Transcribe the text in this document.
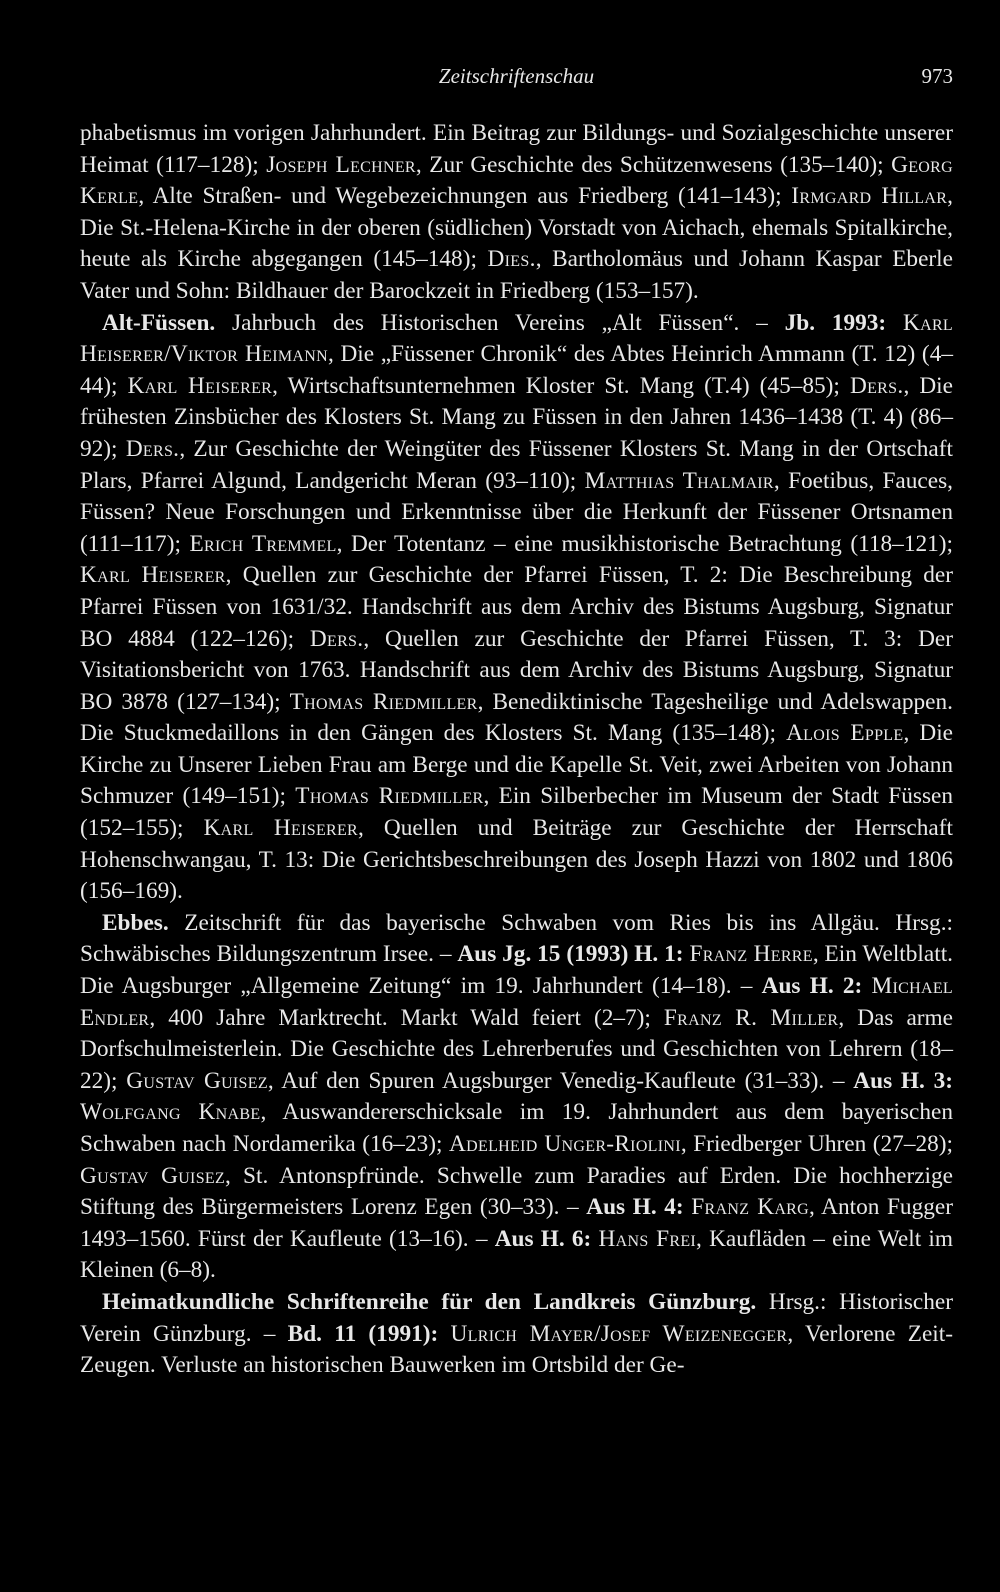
Zeitschriftenschau	973

phabetismus im vorigen Jahrhundert. Ein Beitrag zur Bildungs- und Sozialgeschichte unserer Heimat (117–128); Joseph Lechner, Zur Geschichte des Schützenwesens (135–140); Georg Kerle, Alte Straßen- und Wegebezeichnungen aus Friedberg (141–143); Irmgard Hillar, Die St.-Helena-Kirche in der oberen (südlichen) Vorstadt von Aichach, ehemals Spitalkirche, heute als Kirche abgegangen (145–148); Dies., Bartholomäus und Johann Kaspar Eberle Vater und Sohn: Bildhauer der Barockzeit in Friedberg (153–157).

Alt-Füssen. Jahrbuch des Historischen Vereins „Alt Füssen“. – Jb. 1993: Karl Heiserer/Viktor Heimann, Die „Füssener Chronik“ des Abtes Heinrich Ammann (T. 12) (4–44); Karl Heiserer, Wirtschaftsunternehmen Kloster St. Mang (T.4) (45–85); Ders., Die frühesten Zinsbücher des Klosters St. Mang zu Füssen in den Jahren 1436–1438 (T. 4) (86–92); Ders., Zur Geschichte der Weingüter des Füssener Klosters St. Mang in der Ortschaft Plars, Pfarrei Algund, Landgericht Meran (93–110); Matthias Thalmair, Foetibus, Fauces, Füssen? Neue Forschungen und Erkenntnisse über die Herkunft der Füssener Ortsnamen (111–117); Erich Tremmel, Der Totentanz – eine musikhistorische Betrachtung (118–121); Karl Heiserer, Quellen zur Geschichte der Pfarrei Füssen, T. 2: Die Beschreibung der Pfarrei Füssen von 1631/32. Handschrift aus dem Archiv des Bistums Augsburg, Signatur BO 4884 (122–126); Ders., Quellen zur Geschichte der Pfarrei Füssen, T. 3: Der Visitationsbericht von 1763. Handschrift aus dem Archiv des Bistums Augsburg, Signatur BO 3878 (127–134); Thomas Riedmiller, Benediktinische Tagesheilige und Adelswappen. Die Stuckmedaillons in den Gängen des Klosters St. Mang (135–148); Alois Epple, Die Kirche zu Unserer Lieben Frau am Berge und die Kapelle St. Veit, zwei Arbeiten von Johann Schmuzer (149–151); Thomas Riedmiller, Ein Silberbecher im Museum der Stadt Füssen (152–155); Karl Heiserer, Quellen und Beiträge zur Geschichte der Herrschaft Hohenschwangau, T. 13: Die Gerichtsbeschreibungen des Joseph Hazzi von 1802 und 1806 (156–169).

Ebbes. Zeitschrift für das bayerische Schwaben vom Ries bis ins Allgäu. Hrsg.: Schwäbisches Bildungszentrum Irsee. – Aus Jg. 15 (1993) H. 1: Franz Herre, Ein Weltblatt. Die Augsburger „Allgemeine Zeitung“ im 19. Jahrhundert (14–18). – Aus H. 2: Michael Endler, 400 Jahre Marktrecht. Markt Wald feiert (2–7); Franz R. Miller, Das arme Dorfschulmeisterlein. Die Geschichte des Lehrerberufes und Geschichten von Lehrern (18–22); Gustav Guisez, Auf den Spuren Augsburger Venedig-Kaufleute (31–33). – Aus H. 3: Wolfgang Knabe, Auswandererschicksale im 19. Jahrhundert aus dem bayerischen Schwaben nach Nordamerika (16–23); Adelheid Unger-Riolini, Friedberger Uhren (27–28); Gustav Guisez, St. Antonspfründe. Schwelle zum Paradies auf Erden. Die hochherzige Stiftung des Bürgermeisters Lorenz Egen (30–33). – Aus H. 4: Franz Karg, Anton Fugger 1493–1560. Fürst der Kaufleute (13–16). – Aus H. 6: Hans Frei, Kaufläden – eine Welt im Kleinen (6–8).

Heimatkundliche Schriftenreihe für den Landkreis Günzburg. Hrsg.: Historischer Verein Günzburg. – Bd. 11 (1991): Ulrich Mayer/Josef Weizenegger, Verlorene Zeit-Zeugen. Verluste an historischen Bauwerken im Ortsbild der Ge-
